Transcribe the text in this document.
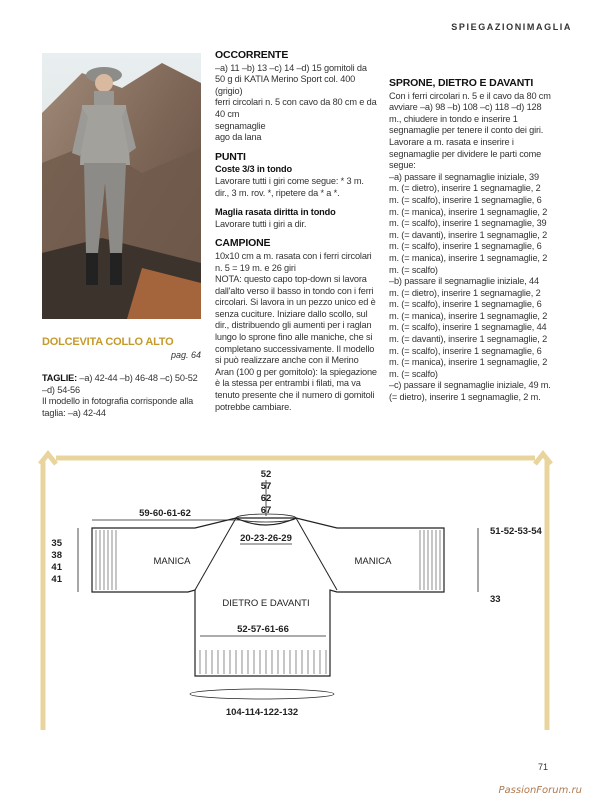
SPIEGAZIONIMAGLIA
DOLCEVITA COLLO ALTO
pag. 64

TAGLIE: –a) 42-44 –b) 46-48 –c) 50-52

–d) 54-56

Il modello in fotografia corrisponde alla taglia: –a) 42-44

OCCORRENTE

–a) 11 –b) 13 –c) 14 –d) 15 gomitoli da 50 g di KATIA Merino Sport col. 400 (grigio)

ferri circolari n. 5 con cavo da 80 cm e da 40 cm

segnamaglie

ago da lana

PUNTI

Coste 3/3 in tondo

Lavorare tutti i giri come segue: * 3 m. dir., 3 m. rov. *, ripetere da * a *.

Maglia rasata diritta in tondo

Lavorare tutti i giri a dir.

CAMPIONE

10x10 cm a m. rasata con i ferri circolari n. 5 = 19 m. e 26 giri

NOTA: questo capo top-down si lavora dall'alto verso il basso in tondo con i ferri circolari. Si lavora in un pezzo unico ed è senza cuciture. Iniziare dallo scollo, sul dir., distribuendo gli aumenti per i raglan lungo lo sprone fino alle maniche, che si completano successivamente. Il modello si può realizzare anche con il Merino Aran (100 g per gomitolo): la spiegazione è la stessa per entrambi i filati, ma va tenuto presente che il numero di gomitoli potrebbe cambiare.

SPRONE, DIETRO E DAVANTI

Con i ferri circolari n. 5 e il cavo da 80 cm avviare –a) 98 –b) 108 –c) 118 –d) 128 m., chiudere in tondo e inserire 1 segnamaglie per tenere il conto dei giri. Lavorare a m. rasata e inserire i segnamaglie per dividere le parti come segue:

–a) passare il segnamaglie iniziale, 39 m. (= dietro), inserire 1 segnamaglie, 2 m. (= scalfo), inserire 1 segnamaglie, 6 m. (= manica), inserire 1 segnamaglie, 2 m. (= scalfo), inserire 1 segnamaglie, 39 m. (= davanti), inserire 1 segnamaglie, 2 m. (= scalfo), inserire 1 segnamaglie, 6 m. (= manica), inserire 1 segnamaglie, 2 m. (= scalfo)

–b) passare il segnamaglie iniziale, 44 m. (= dietro), inserire 1 segnamaglie, 2 m. (= scalfo), inserire 1 segnamaglie, 6 m. (= manica), inserire 1 segnamaglie, 2 m. (= scalfo), inserire 1 segnamaglie, 44 m. (= davanti), inserire 1 segnamaglie, 2 m. (= scalfo), inserire 1 segnamaglie, 6 m. (= manica), inserire 1 segnamaglie, 2 m. (= scalfo)

–c) passare il segnamaglie iniziale, 49 m. (= dietro), inserire 1 segnamaglie, 2 m.

52
57
62
67
59-60-61-62
20-23-26-29
35
38
41
41
51-52-53-54
33
MANICA	MANICA
DIETRO E DAVANTI
52-57-61-66
104-114-122-132
71
PassionForum.ru
